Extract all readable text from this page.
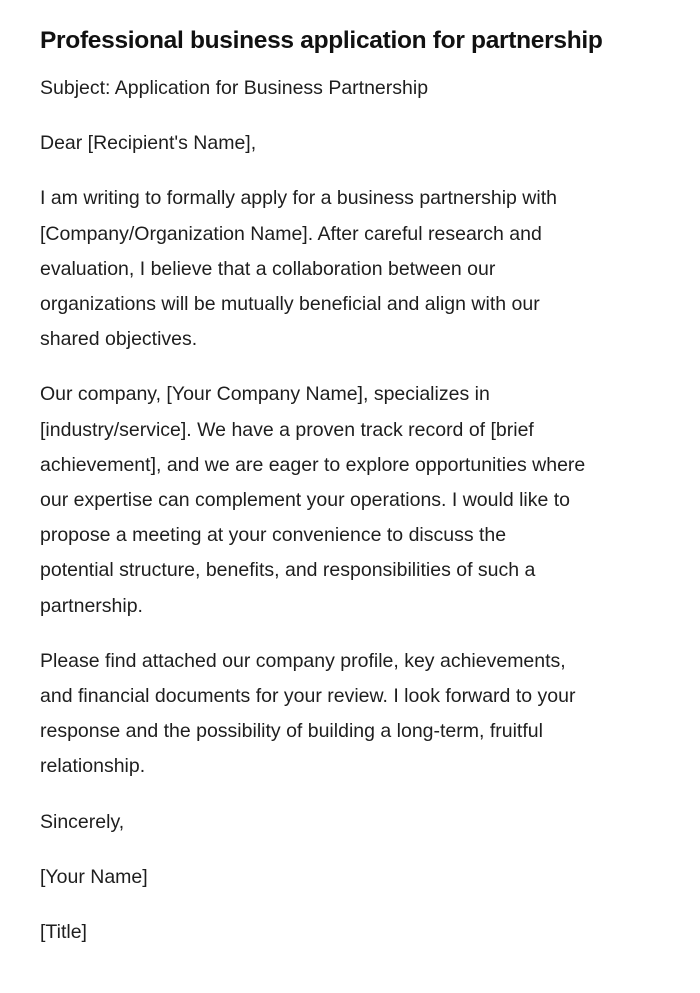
Professional business application for partnership

Subject: Application for Business Partnership

Dear [Recipient's Name],

I am writing to formally apply for a business partnership with
[Company/Organization Name]. After careful research and
evaluation, I believe that a collaboration between our
organizations will be mutually beneficial and align with our
shared objectives.

Our company, [Your Company Name], specializes in
[industry/service]. We have a proven track record of [brief
achievement], and we are eager to explore opportunities where
our expertise can complement your operations. I would like to
propose a meeting at your convenience to discuss the
potential structure, benefits, and responsibilities of such a
partnership.

Please find attached our company profile, key achievements,
and financial documents for your review. I look forward to your
response and the possibility of building a long-term, fruitful
relationship.

Sincerely,

[Your Name]

[Title]
